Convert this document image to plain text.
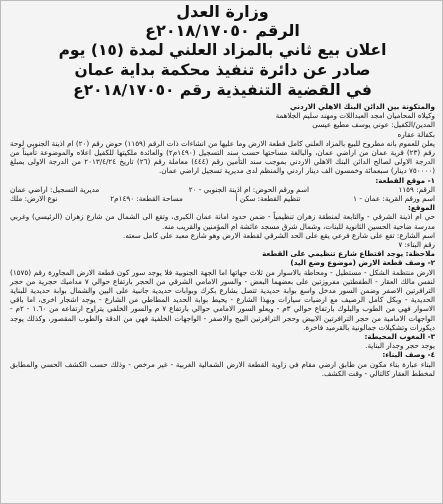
وزارة العدل

الرقم ٢٠١٨/١٧٠٥٠ع

اعلان بيع ثاني بالمزاد العلني لمدة (١٥) يوم

صادر عن دائرة تنفيذ محكمة بداية عمان

في القضية التنفيذية رقم ٢٠١٨/١٧٠٥٠ع

والمتكونة بين الدائن البنك الاهلي الاردني

وكيلاه المحاميان امجد العبداللات ومهند سليم الجلاهمة

المدين/الكفيل: عوني يوسف مطيع عيسى

بكفالة عقاره

يعلن للعموم بانه مطروح للبيع بالمزاد العلني كامل قطعة الارض وما عليها من انشاءات ذات الرقم (١١٥٩) حوض رقم (٢٠) ام اذينة الجنوبي لوحة رقم (٢٣) قرية عمان من اراضي عمان، والبالغة مساحتها حسب سند التسجيل (١٤٩٠م٢) والعائدة ملكيتها للكفيل اعلاه والموضوعة تأميناً من الدرجة الاولى لصالح الدائن البنك الاهلي الاردني بموجب سند التأمين رقم (٤٤٤) معاملة رقم (٢٦) تاريخ ٢٠١٣/٤/٢٤ من الدرجة الاولى بمبلغ (٧٥٠٠٠٠ دينار) سبعمائة وخمسون الف دينار اردني والمنظم لدى مديرية تسجيل اراضي عمان.

١- موقع القطعة:

الرقم: ١١٥٩
اسم ورقم الحوض: ام اذينة الجنوبي - ٢٠
مديرية التسجيل: اراضي عمان
اسم ورقم القرية: عمان - ١
تنظيم القطعة: سكن أ
مساحة القطعة: ١٤٩٠م٢
نوع الارض: ملك

الموقع:

حي ام اذينة الشرقي - والتابعة لمنطقة زهران تنظيمياً - ضمن حدود امانة عمان الكبرى، وتقع الى الشمال من شارع زهران (الرئيسي) وغربي مدرسة ضاحية الحسين الثانوية للبنات، وشمال شرق مسجد عائشة ام المؤمنين والقريب منه.

اسم الشارع: تقع على شارع فرعي يقع على الحد الشرقي لقطعة الارض وهو شارع معبد على كامل سعته.

رقم البناء: ٧

ملاحظة: يوجد اقتطاع شارع تنظيمي على القطعة

٢- وصف قطعة الارض (موضوع وضع اليد)

الارض منتظمة الشكل - مستطيل - ومحاطة بالاسوار من ثلاث جهاتها اما الجهة الجنوبية فلا يوجد سور كون قطعة الارض المجاورة رقم (١٥٧٥) لنفس مالك العقار - الطفطتين مفروزتين على بعضهما البعض - والسور الامامي الشرقي من الحجر بارتفاع حوالي ٧ مداميك حجرية من حجر الترافرتين الاصفر وضمن السور مدخل واسع بوابة حديدية تتصل بشارع بكرك وبوابات حديدية جانبية على البين والشمال بوابة حديدية للبناية الحديدية - وبكل كامل الرصيف مع ارضيات سيارات وبهذا الشارع - يحيط بوابة الحديد المطاطي من الشارع - يوجد اشجار اخرى، اما باقي الاسوار فهي من الطوب والبلوك بارتفاع حوالي ٣م - ويعلو السور الامامي حوالي بارتفاع ٧ م والسور الخلفي يتراوح ارتفاعه من ١.٦٠ - ٢م - الواجهات الامامية من حجر الترافرتين الابيض وحجر الترافرتين البيج والاصفر - الواجهات الخلفية فهي من الدقة والطوب المقصور، وكذلك يوجد ديكورات وتشكيلات جمالونية بالقرميد فاخرة.

٣- المغوب المحيطة:

يوجد حجر وجدار البناية.

٤- وصف البناء:

البناء عبارة بناء مكون من طابق ارضي مقام في زاوية القطعة الارض الشمالية الغربية - غير مرخص - وذلك حسب الكشف الحسي والمطابق لمخطط العقار كالتالي - وقت الكشف.
